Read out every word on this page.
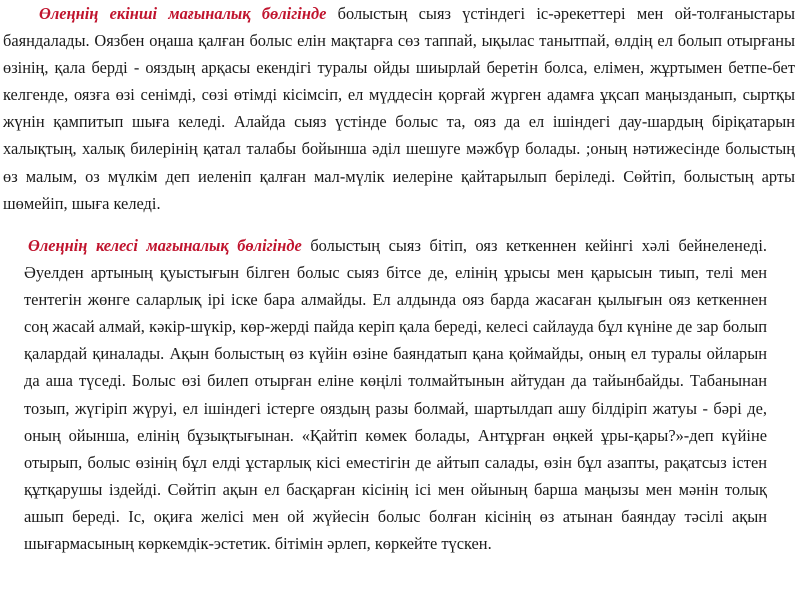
Өлеңнің екінші мағыналық бөлігінде болыстың сыяз үстіндегі іс-әрекеттері мен ой-толғаныстары баяндалады. Оязбен оңаша қалған болыс елін мақтарға сөз таппай, ықылас танытпай, өлдің ел болып отырғаны өзінің, қала берді - ояздың арқасы екендігі туралы ойды шиырлай беретін болса, елімен, жұртымен бетпе-бет келгенде, оязға өзі сенімді, сөзі өтімді кісімсіп, ел мүддесін қорғай жүрген адамға ұқсап маңызданып, сыртқы жүнін қампитып шыға келеді. Алайда сыяз үстінде болыс та, ояз да ел ішіндегі дау-шардың біріқатарын халықтың, халық билерінің қатал талабы бойынша әділ шешуге мәжбүр болады. ;оның нәтижесінде болыстың өз малым, оз мүлкім деп иеленіп қалған мал-мүлік иелеріне қайтарылып беріледі. Сөйтіп, болыстың арты шөмейіп, шыға келеді.

Өлеңнің келесі мағыналық бөлігінде болыстың сыяз бітіп, ояз кеткеннен кейінгі хәлі бейнеленеді. Әуелден артының қуыстығын білген болыс сыяз бітсе де, елінің ұрысы мен қарысын тиып, телі мен тентегін жөнге саларлық ірі іске бара алмайды. Ел алдында ояз барда жасаған қылығын ояз кеткеннен соң жасай алмай, кәкір-шүкір, көр-жерді пайда керіп қала береді, келесі сайлауда бұл күніне де зар болып қалардай қиналады. Ақын болыстың өз күйін өзіне баяндатып қана қоймайды, оның ел туралы ойларын да аша түседі. Болыс өзі билеп отырған еліне көңілі толмайтынын айтудан да тайынбайды. Табанынан тозып, жүгіріп жүруі, ел ішіндегі істерге ояздың разы болмай, шартылдап ашу білдіріп жатуы - бәрі де, оның ойынша, елінің бұзықтығынан. «Қайтіп көмек болады, Антұрған өңкей ұры-қары?»-деп күйіне отырып, болыс өзінің бұл елді ұстарлық кісі еместігін де айтып салады, өзін бұл азапты, рақатсыз істен құтқарушы іздейді. Сөйтіп ақын ел басқарған кісінің ісі мен ойының барша маңызы мен мәнін толық ашып береді. Іс, оқиға желісі мен ой жүйесін болыс болған кісінің өз атынан баяндау тәсілі ақын шығармасының көркемдік-эстетик. бітімін әрлеп, көркейте түскен.
